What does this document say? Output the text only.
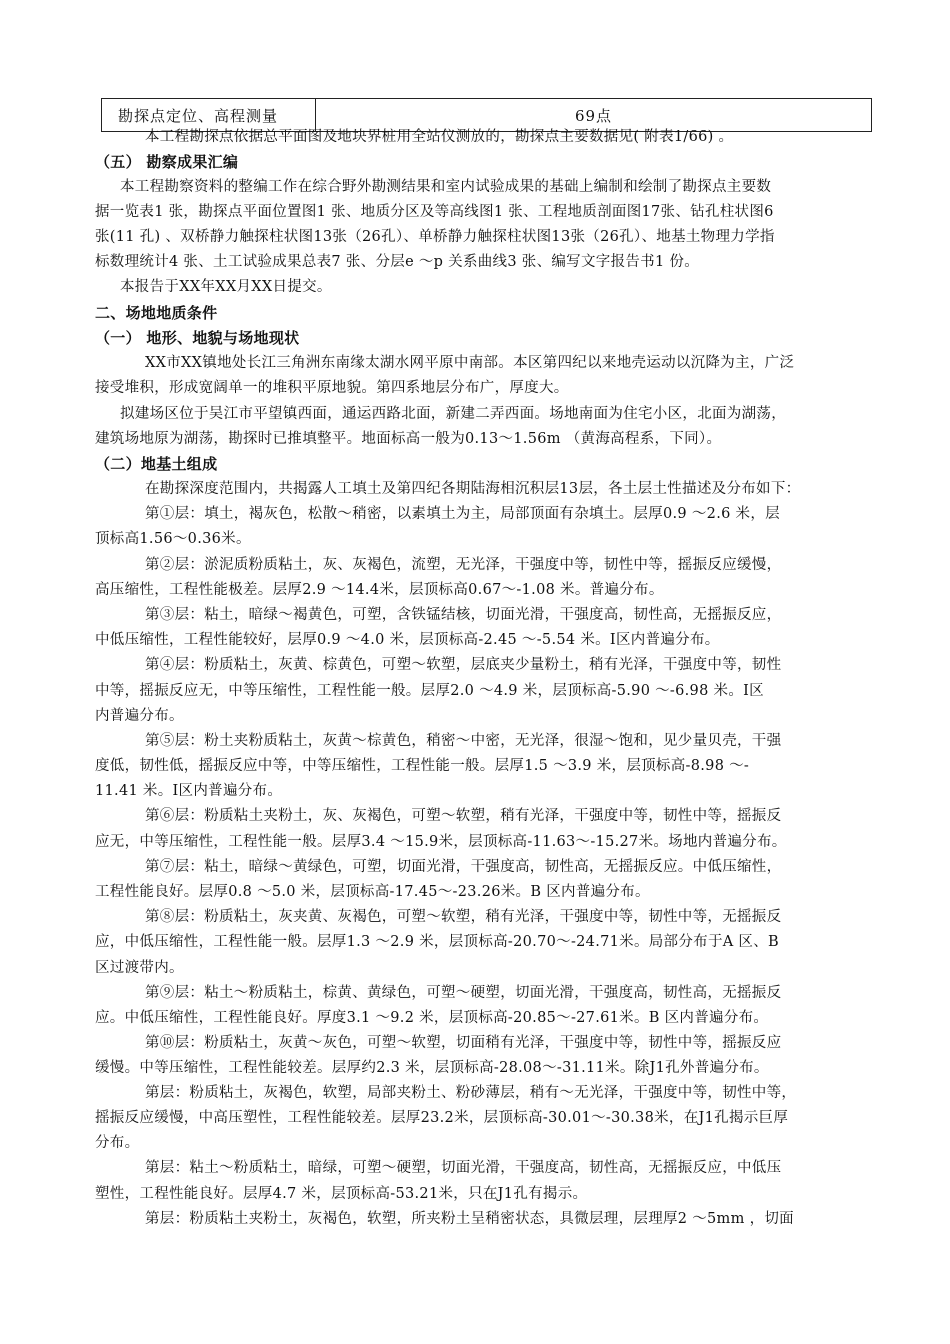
勘探点定位、高程测量	69点
本工程勘探点依据总平面图及地块界桩用全站仪测放的，勘探点主要数据见( 附表1/66) 。
（五） 勘察成果汇编
本工程勘察资料的整编工作在综合野外勘测结果和室内试验成果的基础上编制和绘制了勘探点主要数
据一览表1 张，勘探点平面位置图1 张、地质分区及等高线图1 张、工程地质剖面图17张、钻孔柱状图6
张(11 孔) 、双桥静力触探柱状图13张（26孔）、单桥静力触探柱状图13张（26孔）、地基土物理力学指
标数理统计4 张、土工试验成果总表7 张、分层e ～p 关系曲线3 张、编写文字报告书1 份。
本报告于XX年XX月XX日提交。
二、场地地质条件
（一） 地形、地貌与场地现状
XX市XX镇地处长江三角洲东南缘太湖水网平原中南部。本区第四纪以来地壳运动以沉降为主，广泛
接受堆积，形成宽阔单一的堆积平原地貌。第四系地层分布广，厚度大。
拟建场区位于吴江市平望镇西面，通运西路北面，新建二弄西面。场地南面为住宅小区，北面为湖荡，
建筑场地原为湖荡，勘探时已推填整平。地面标高一般为0.13～1.56m （黄海高程系，下同）。
（二）地基土组成
在勘探深度范围内，共揭露人工填土及第四纪各期陆海相沉积层13层，各土层土性描述及分布如下：
第①层：填土，褐灰色，松散～稍密，以素填土为主，局部顶面有杂填土。层厚0.9 ～2.6 米，层
顶标高1.56～0.36米。
第②层：淤泥质粉质粘土，灰、灰褐色，流塑，无光泽，干强度中等，韧性中等，摇振反应缓慢，
高压缩性，工程性能极差。层厚2.9 ～14.4米，层顶标高0.67～-1.08 米。普遍分布。
第③层：粘土，暗绿～褐黄色，可塑，含铁锰结核，切面光滑，干强度高，韧性高，无摇振反应，
中低压缩性，工程性能较好，层厚0.9 ～4.0 米，层顶标高-2.45 ～-5.54 米。Ⅰ区内普遍分布。
第④层：粉质粘土，灰黄、棕黄色，可塑～软塑，层底夹少量粉土，稍有光泽，干强度中等，韧性
中等，摇振反应无，中等压缩性，工程性能一般。层厚2.0 ～4.9 米，层顶标高-5.90 ～-6.98 米。Ⅰ区
内普遍分布。
第⑤层：粉土夹粉质粘土，灰黄～棕黄色，稍密～中密，无光泽，很湿～饱和，见少量贝壳，干强
度低，韧性低，摇振反应中等，中等压缩性，工程性能一般。层厚1.5 ～3.9 米，层顶标高-8.98 ～-
11.41 米。Ⅰ区内普遍分布。
第⑥层：粉质粘土夹粉土，灰、灰褐色，可塑～软塑，稍有光泽，干强度中等，韧性中等，摇振反
应无，中等压缩性，工程性能一般。层厚3.4 ～15.9米，层顶标高-11.63～-15.27米。场地内普遍分布。
第⑦层：粘土，暗绿～黄绿色，可塑，切面光滑，干强度高，韧性高，无摇振反应。中低压缩性，
工程性能良好。层厚0.8 ～5.0 米，层顶标高-17.45～-23.26米。B 区内普遍分布。
第⑧层：粉质粘土，灰夹黄、灰褐色，可塑～软塑，稍有光泽，干强度中等，韧性中等，无摇振反
应，中低压缩性，工程性能一般。层厚1.3 ～2.9 米，层顶标高-20.70～-24.71米。局部分布于A 区、B
区过渡带内。
第⑨层：粘土～粉质粘土，棕黄、黄绿色，可塑～硬塑，切面光滑，干强度高，韧性高，无摇振反
应。中低压缩性，工程性能良好。厚度3.1 ～9.2 米，层顶标高-20.85～-27.61米。B 区内普遍分布。
第⑩层：粉质粘土，灰黄～灰色，可塑～软塑，切面稍有光泽，干强度中等，韧性中等，摇振反应
缓慢。中等压缩性，工程性能较差。层厚约2.3 米，层顶标高-28.08～-31.11米。除J1孔外普遍分布。
第层：粉质粘土，灰褐色，软塑，局部夹粉土、粉砂薄层，稍有～无光泽，干强度中等，韧性中等，
摇振反应缓慢，中高压塑性，工程性能较差。层厚23.2米，层顶标高-30.01～-30.38米，在J1孔揭示巨厚
分布。
第层：粘土～粉质粘土，暗绿，可塑～硬塑，切面光滑，干强度高，韧性高，无摇振反应，中低压
塑性，工程性能良好。层厚4.7 米，层顶标高-53.21米，只在J1孔有揭示。
第层：粉质粘土夹粉土，灰褐色，软塑，所夹粉土呈稍密状态，具微层理，层理厚2 ～5mm ，切面
